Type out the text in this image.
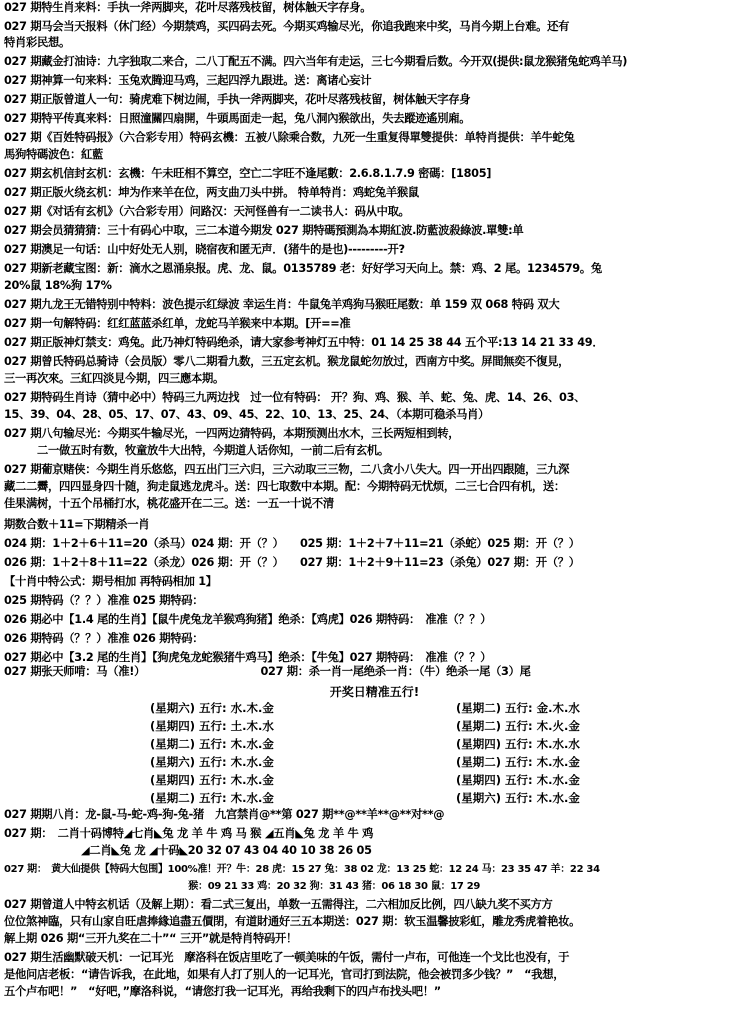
027 期特生肖来料：手执一斧两脚夹，花叶尽落残枝留，树体触天字存身。
027 期马会当天报料（休门经）今期禁鸡，买四码去死。今期买鸡输尽光，你追我跑来中奖，马肖今期上台难。还有
特肖彩民想。
027 期藏金打油诗：九字独取二来合，二八丁配五不满。四六当年有走运，三七今期看后数。今开双(提供:鼠龙猴猪兔蛇鸡羊马)
027 期神算一句来料：玉兔欢腾迎马鸡，三起四浮九跟进。送：离诸心妄计
027 期正版曾道人一句：骑虎难下树边闹，手执一斧两脚夹，花叶尽落残枝留，树体触天字存身
027 期特平传真来料：日照潼關四扇開，牛頭馬面走一起，兔八洞內猴欲出，失去蹤迹遙別廂。
027 期《百姓特码报》（六合彩专用）特码玄機：五被八除乘合数，九死一生重复得單雙提供：单特肖提供：羊牛蛇兔
馬狗特碼波色：紅藍
027 期玄机信封玄机：玄機：午未旺相不算空，空亡二字旺不逢尾數：2.6.8.1.7.9 密碼：[1805]
027 期正版火绕玄机：坤为作来羊在位，两支曲刀头中拼。 特单特肖：鸡蛇兔羊猴鼠
027 期《对话有玄机》（六合彩专用）问路汉：天河怪兽有一二读书人：码从中取。
027 期会员猜猜猜：三十有码心中取，三二本道今期发 027 期特碼預測為本期紅波.防藍波殺綠波.單雙:单
027 期澳足一句话：山中好处无人别，晓宿夜和匿无声．(猪牛的是也)---------开?
027 期新老藏宝图：新：滴水之恩涌泉报。虎、龙、鼠。0135789 老：好好学习天向上。禁：鸡、2 尾。1234579。兔
20%鼠 18%狗 17%
027 期九龙王无错特别中特料：波色提示红绿波 幸运生肖：牛鼠兔羊鸡狗马猴旺尾数：单 159 双 068 特码 双大
027 期一句解特码：红红蓝蓝杀红单，龙蛇马羊猴来中本期。[开==准
027 期正版神灯禁支：鸡兔。此乃神灯特码绝杀，请大家参考神灯五中特：01 14 25 38 44 五个平:13 14 21 33 49．
027 期曾氏特码总骑诗（会员版）零八二期看九数，三五定玄机。猴龙鼠蛇勿放过，西南方中奖。屏間無奕不復見，
三一再次來。三紅四淡見今期，四三應本期。
027 期特码生肖诗（猜中必中）特码三九两边找　过一位有特码： 开？狗、鸡、猴、羊、蛇、兔、虎、14、26、03、
15、39、04、28、05、17、07、43、09、45、22、10、13、25、24、（本期可稳杀马肖）
027 期八句输尽光：今期买牛输尽光，一四两边猜特码，本期预测出水木，三长两短相到转，
　　　二一做五时有数，牧童放牛大出特，今期道人话你知，一前二后有玄机。
027 期葡京赌侠：今期生肖乐悠悠，四五出门三六归，三六动取三三物，二八贪小八失大。四一开出四跟随，三九深
藏二二霽，四四显身四十随，狗走鼠逃龙虎斗。送：四七取数中本期。配：今期特码无忧烦，二三七合四有机，送：
佳果满树，十五个吊桶打水，桃花盛开在二三。送：一五一十说不清
期数合数＋11=下期精杀一肖
024 期：1＋2＋6＋11=20（杀马）024 期：开（？）　　025 期：1＋2＋7＋11=21（杀蛇）025 期：开（？）
026 期：1＋2＋8＋11=22（杀龙）026 期：开（？）　　027 期：1＋2＋9＋11=23（杀兔）027 期：开（？）
【十肖中特公式：期号相加 再特码相加 1】
025 期特码（？？）准准 025 期特码：
026 期必中【1.4 尾的生肖】【鼠牛虎兔龙羊猴鸡狗猪】绝杀：【鸡虎】026 期特码：　准准（？？）
026 期特码（？？）准准 026 期特码：
027 期必中【3.2 尾的生肖】【狗虎兔龙蛇猴猪牛鸡马】绝杀：【牛兔】027 期特码：　准准（？？）
027 期张天师啃：马（准!）　　　　　　　　　　　027 期：杀一肖一尾绝杀一肖：（牛）绝杀一尾（3）尾
开奖日精准五行!
(星期六) 五行: 水.木.金
(星期四) 五行: 土.木.水
(星期二) 五行: 木.水.金
(星期六) 五行: 木.水.金
(星期四) 五行: 木.水.金
(星期二) 五行: 木.水.金
(星期二) 五行: 金.木.水
(星期二) 五行: 木.火.金
(星期四) 五行: 木.水.水
(星期二) 五行: 木.水.金
(星期四) 五行: 木.水.金
(星期六) 五行: 木.水.金
027 期期八肖：龙-鼠-马-蛇-鸡-狗-兔-猪　九宫禁肖@**第 027 期**@**羊**@**对**@
027 期：　二肖十码博特◢七肖◣兔 龙 羊 牛 鸡 马 猴 ◢五肖◣兔 龙 羊 牛 鸡
　　　　　　　◢二肖◣兔 龙 ◢十码◣20 32 07 43 04 40 10 38 26 05
027 期：　黄大仙提供【特码大包围】100%准！开？牛：28 虎：15 27 兔：38 02 龙：13 25 蛇：12 24 马：23 35 47 羊：22 34
　　　　　　　　　　　　　　　　　　　猴：09 21 33 鸡：20 32 狗：31 43 猪：06 18 30 鼠：17 29
027 期曾道人中特玄机话（及解上期）：看二式三复出，单数一五需得注，二六相加反比例，四八缺九奖不买方方
位位煞神臨，只有山家自旺虐捧緣追盡五價閉，有道財通好三五本期送：027 期：软玉温馨披彩虹，雕龙秀虎着艳妆。
解上期 026 期“三开九奖在二十”“ 三开”就是特肖特码开！
027 期生活幽默破天机：一记耳光　摩洛科在饭店里吃了一顿美味的午饭，需付一卢布，可他连一个戈比也没有，于
是他问店老板：“请告诉我，在此地，如果有人打了别人的一记耳光，官司打到法院，他会被罚多少钱？”　“我想，
五个卢布吧！”　“好吧，”摩洛科说，“请您打我一记耳光，再给我剩下的四卢布找头吧！”
